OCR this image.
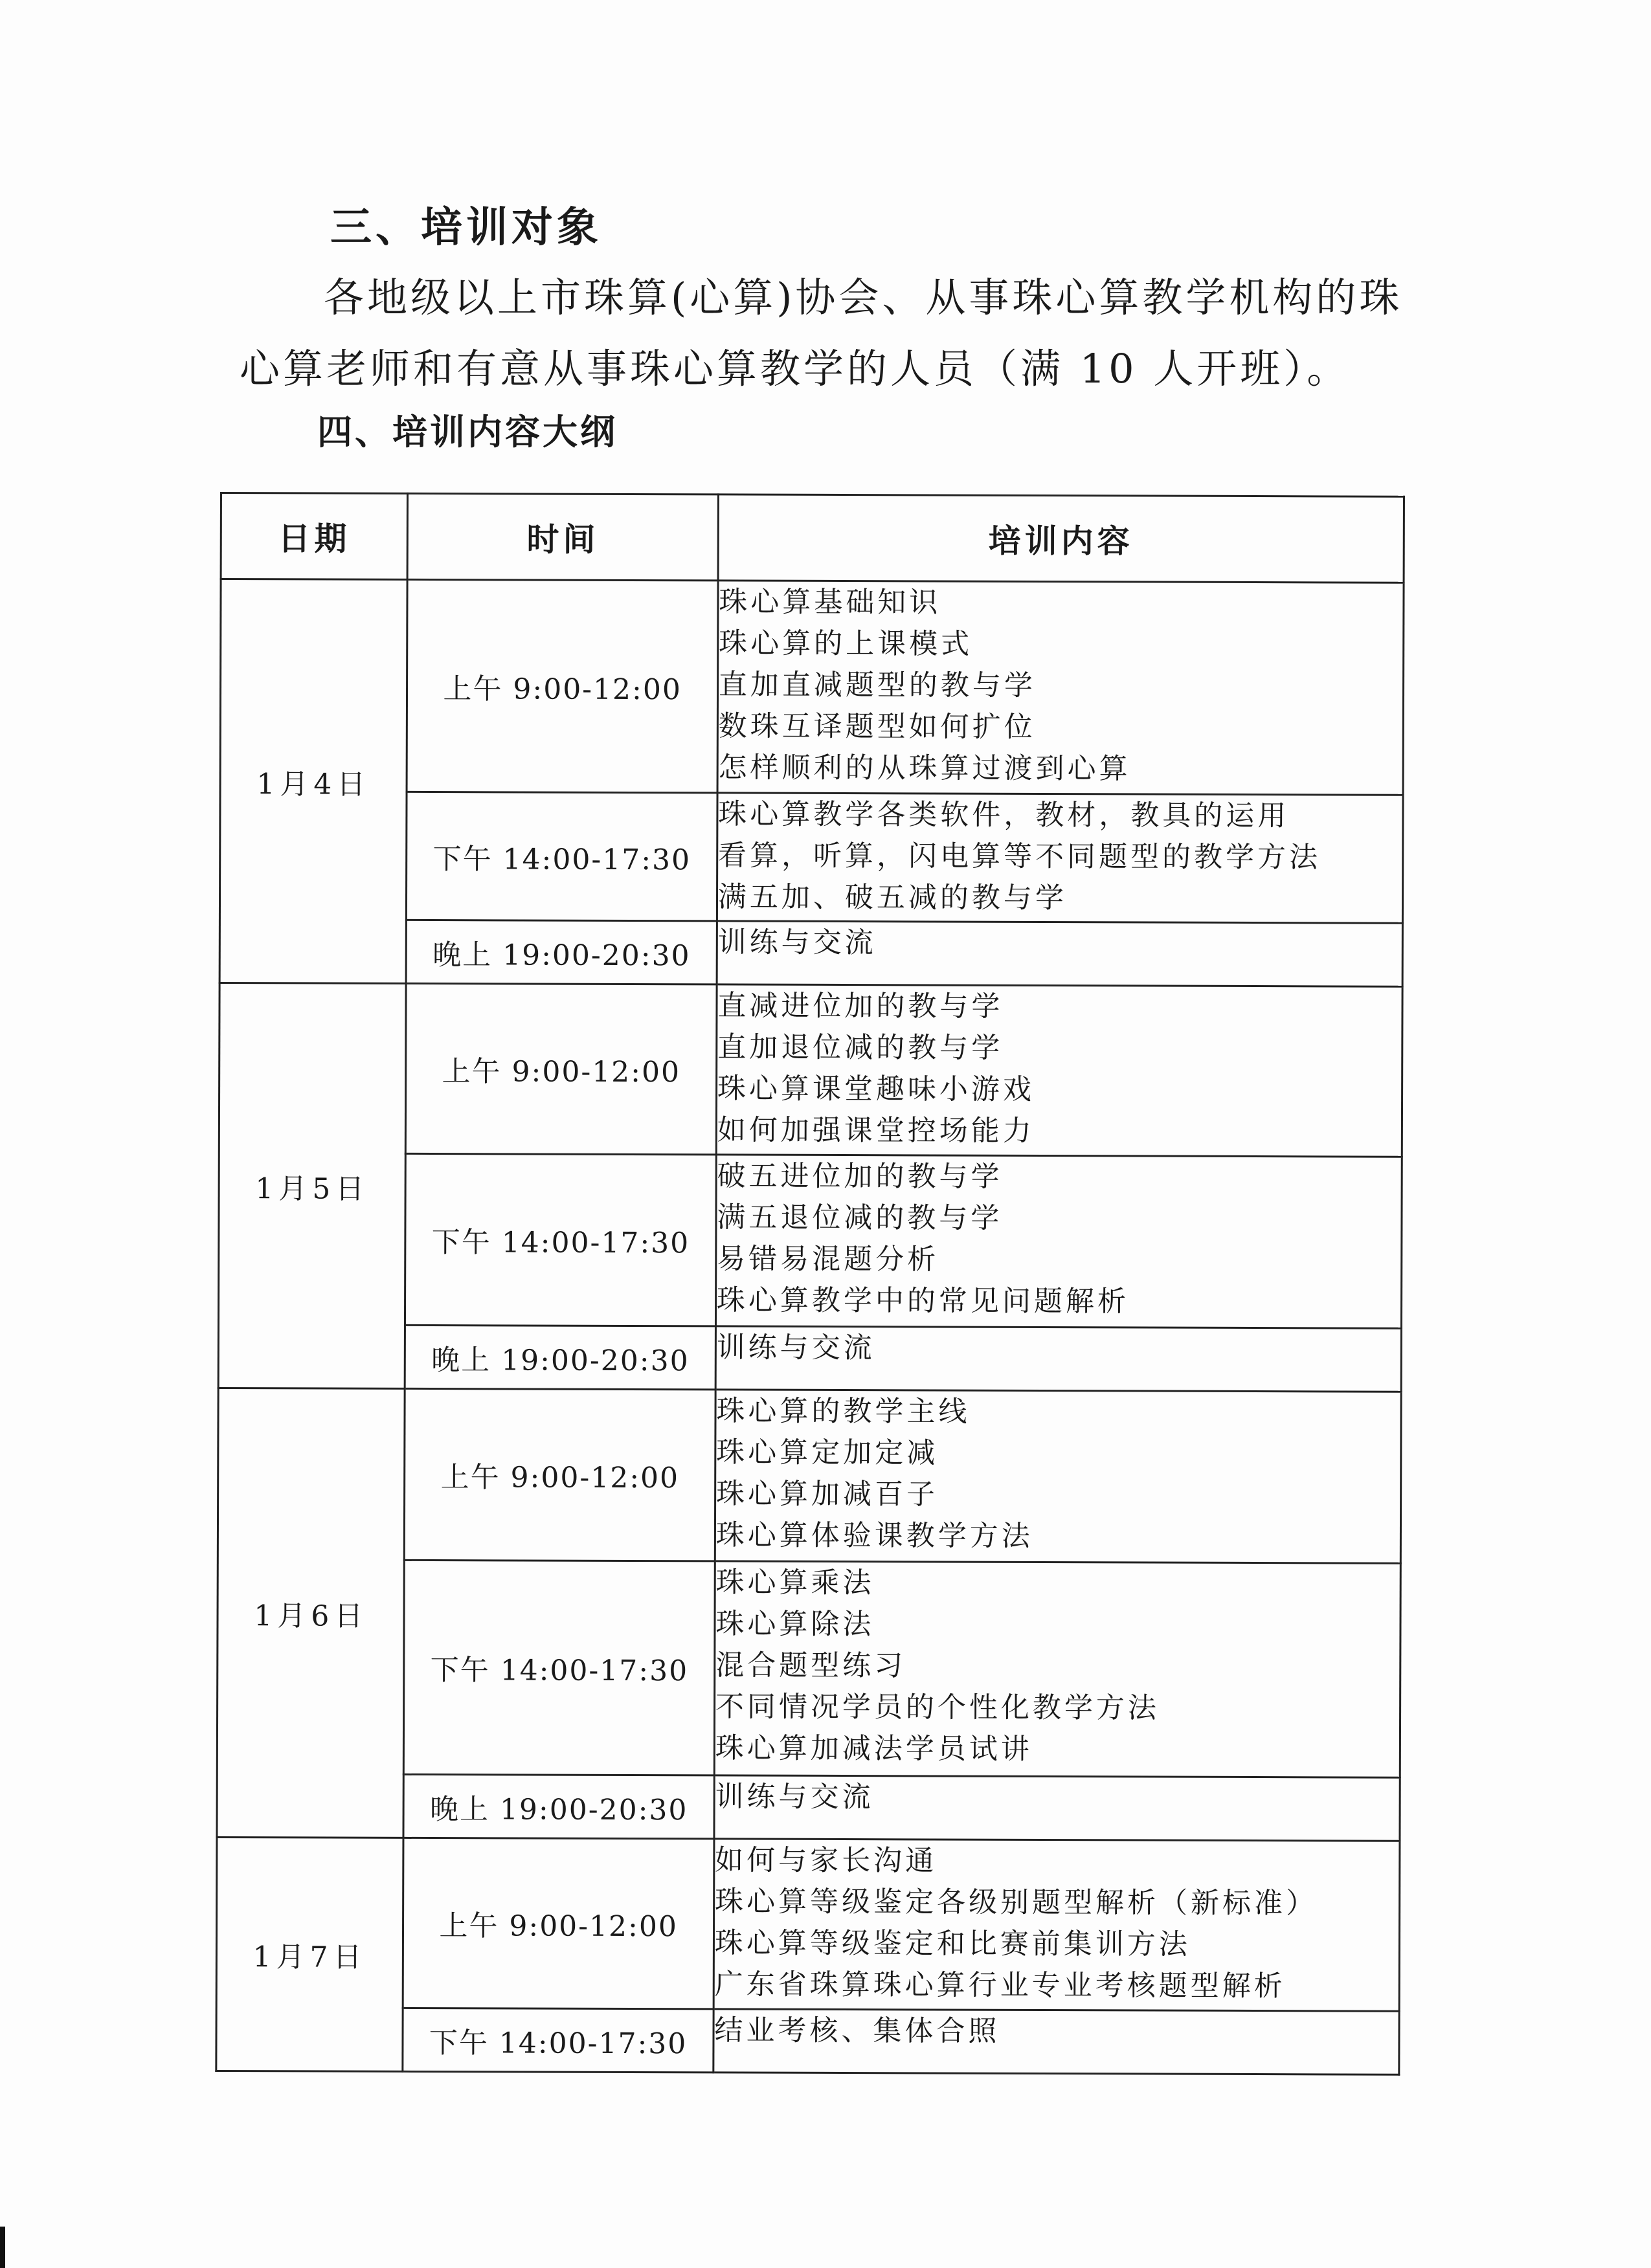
三、培训对象
各地级以上市珠算(心算)协会、从事珠心算教学机构的珠
心算老师和有意从事珠心算教学的人员（满 10 人开班）。
四、培训内容大纲
日期	时间	培训内容
1月4日	上午 9:00-12:00	珠心算基础知识
珠心算的上课模式
直加直减题型的教与学
数珠互译题型如何扩位
怎样顺利的从珠算过渡到心算

	下午 14:00-17:30	珠心算教学各类软件，教材，教具的运用
看算，听算，闪电算等不同题型的教学方法
满五加、破五减的教与学

	晚上 19:00-20:30	训练与交流

1月5日	上午 9:00-12:00	直减进位加的教与学
直加退位减的教与学
珠心算课堂趣味小游戏
如何加强课堂控场能力

	下午 14:00-17:30	破五进位加的教与学
满五退位减的教与学
易错易混题分析
珠心算教学中的常见问题解析

	晚上 19:00-20:30	训练与交流

1月6日	上午 9:00-12:00	珠心算的教学主线
珠心算定加定减
珠心算加减百子
珠心算体验课教学方法

	下午 14:00-17:30	珠心算乘法
珠心算除法
混合题型练习
不同情况学员的个性化教学方法
珠心算加减法学员试讲

	晚上 19:00-20:30	训练与交流

1月7日	上午 9:00-12:00	如何与家长沟通
珠心算等级鉴定各级别题型解析（新标准）
珠心算等级鉴定和比赛前集训方法
广东省珠算珠心算行业专业考核题型解析

	下午 14:00-17:30	结业考核、集体合照
